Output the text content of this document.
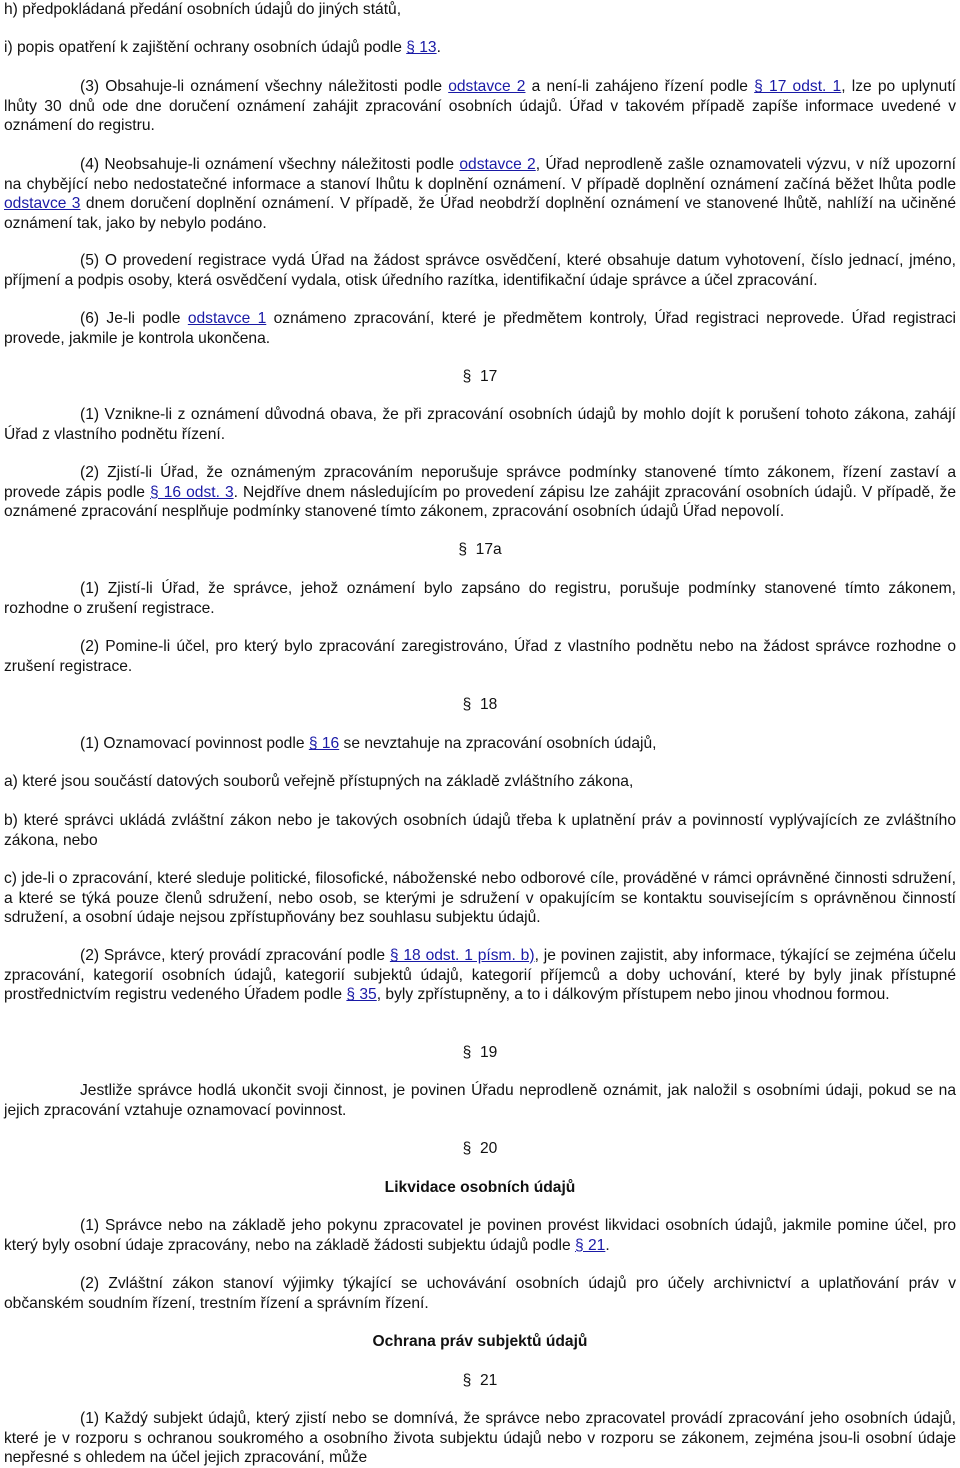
h) předpokládaná předání osobních údajů do jiných států,
i) popis opatření k zajištění ochrany osobních údajů podle § 13.
(3) Obsahuje-li oznámení všechny náležitosti podle odstavce 2 a není-li zahájeno řízení podle § 17 odst. 1, lze po uplynutí lhůty 30 dnů ode dne doručení oznámení zahájit zpracování osobních údajů. Úřad v takovém případě zapíše informace uvedené v oznámení do registru.
(4) Neobsahuje-li oznámení všechny náležitosti podle odstavce 2, Úřad neprodleně zašle oznamovateli výzvu, v níž upozorní na chybějící nebo nedostatečné informace a stanoví lhůtu k doplnění oznámení. V případě doplnění oznámení začíná běžet lhůta podle odstavce 3 dnem doručení doplnění oznámení. V případě, že Úřad neobdrží doplnění oznámení ve stanovené lhůtě, nahlíží na učiněné oznámení tak, jako by nebylo podáno.
(5) O provedení registrace vydá Úřad na žádost správce osvědčení, které obsahuje datum vyhotovení, číslo jednací, jméno, příjmení a podpis osoby, která osvědčení vydala, otisk úředního razítka, identifikační údaje správce a účel zpracování.
(6) Je-li podle odstavce 1 oznámeno zpracování, které je předmětem kontroly, Úřad registraci neprovede. Úřad registraci provede, jakmile je kontrola ukončena.
§  17
(1) Vznikne-li z oznámení důvodná obava, že při zpracování osobních údajů by mohlo dojít k porušení tohoto zákona, zahájí Úřad z vlastního podnětu řízení.
(2) Zjistí-li Úřad, že oznámeným zpracováním neporušuje správce podmínky stanovené tímto zákonem, řízení zastaví a provede zápis podle § 16 odst. 3. Nejdříve dnem následujícím po provedení zápisu lze zahájit zpracování osobních údajů. V případě, že oznámené zpracování nesplňuje podmínky stanovené tímto zákonem, zpracování osobních údajů Úřad nepovolí.
§  17a
(1) Zjistí-li Úřad, že správce, jehož oznámení bylo zapsáno do registru, porušuje podmínky stanovené tímto zákonem, rozhodne o zrušení registrace.
(2) Pomine-li účel, pro který bylo zpracování zaregistrováno, Úřad z vlastního podnětu nebo na žádost správce rozhodne o zrušení registrace.
§  18
(1) Oznamovací povinnost podle § 16 se nevztahuje na zpracování osobních údajů,
a) které jsou součástí datových souborů veřejně přístupných na základě zvláštního zákona,
b) které správci ukládá zvláštní zákon nebo je takových osobních údajů třeba k uplatnění práv a povinností vyplývajících ze zvláštního zákona, nebo
c) jde-li o zpracování, které sleduje politické, filosofické, náboženské nebo odborové cíle, prováděné v rámci oprávněné činnosti sdružení, a které se týká pouze členů sdružení, nebo osob, se kterými je sdružení v opakujícím se kontaktu souvisejícím s oprávněnou činností sdružení, a osobní údaje nejsou zpřístupňovány bez souhlasu subjektu údajů.
(2) Správce, který provádí zpracování podle § 18 odst. 1 písm. b), je povinen zajistit, aby informace, týkající se zejména účelu zpracování, kategorií osobních údajů, kategorií subjektů údajů, kategorií příjemců a doby uchování, které by byly jinak přístupné prostřednictvím registru vedeného Úřadem podle § 35, byly zpřístupněny, a to i dálkovým přístupem nebo jinou vhodnou formou.
§  19
Jestliže správce hodlá ukončit svoji činnost, je povinen Úřadu neprodleně oznámit, jak naložil s osobními údaji, pokud se na jejich zpracování vztahuje oznamovací povinnost.
§  20
Likvidace osobních údajů
(1) Správce nebo na základě jeho pokynu zpracovatel je povinen provést likvidaci osobních údajů, jakmile pomine účel, pro který byly osobní údaje zpracovány, nebo na základě žádosti subjektu údajů podle § 21.
(2) Zvláštní zákon stanoví výjimky týkající se uchovávání osobních údajů pro účely archivnictví a uplatňování práv v občanském soudním řízení, trestním řízení a správním řízení.
Ochrana práv subjektů údajů
§  21
(1) Každý subjekt údajů, který zjistí nebo se domnívá, že správce nebo zpracovatel provádí zpracování jeho osobních údajů, které je v rozporu s ochranou soukromého a osobního života subjektu údajů nebo v rozporu se zákonem, zejména jsou-li osobní údaje nepřesné s ohledem na účel jejich zpracování, může
